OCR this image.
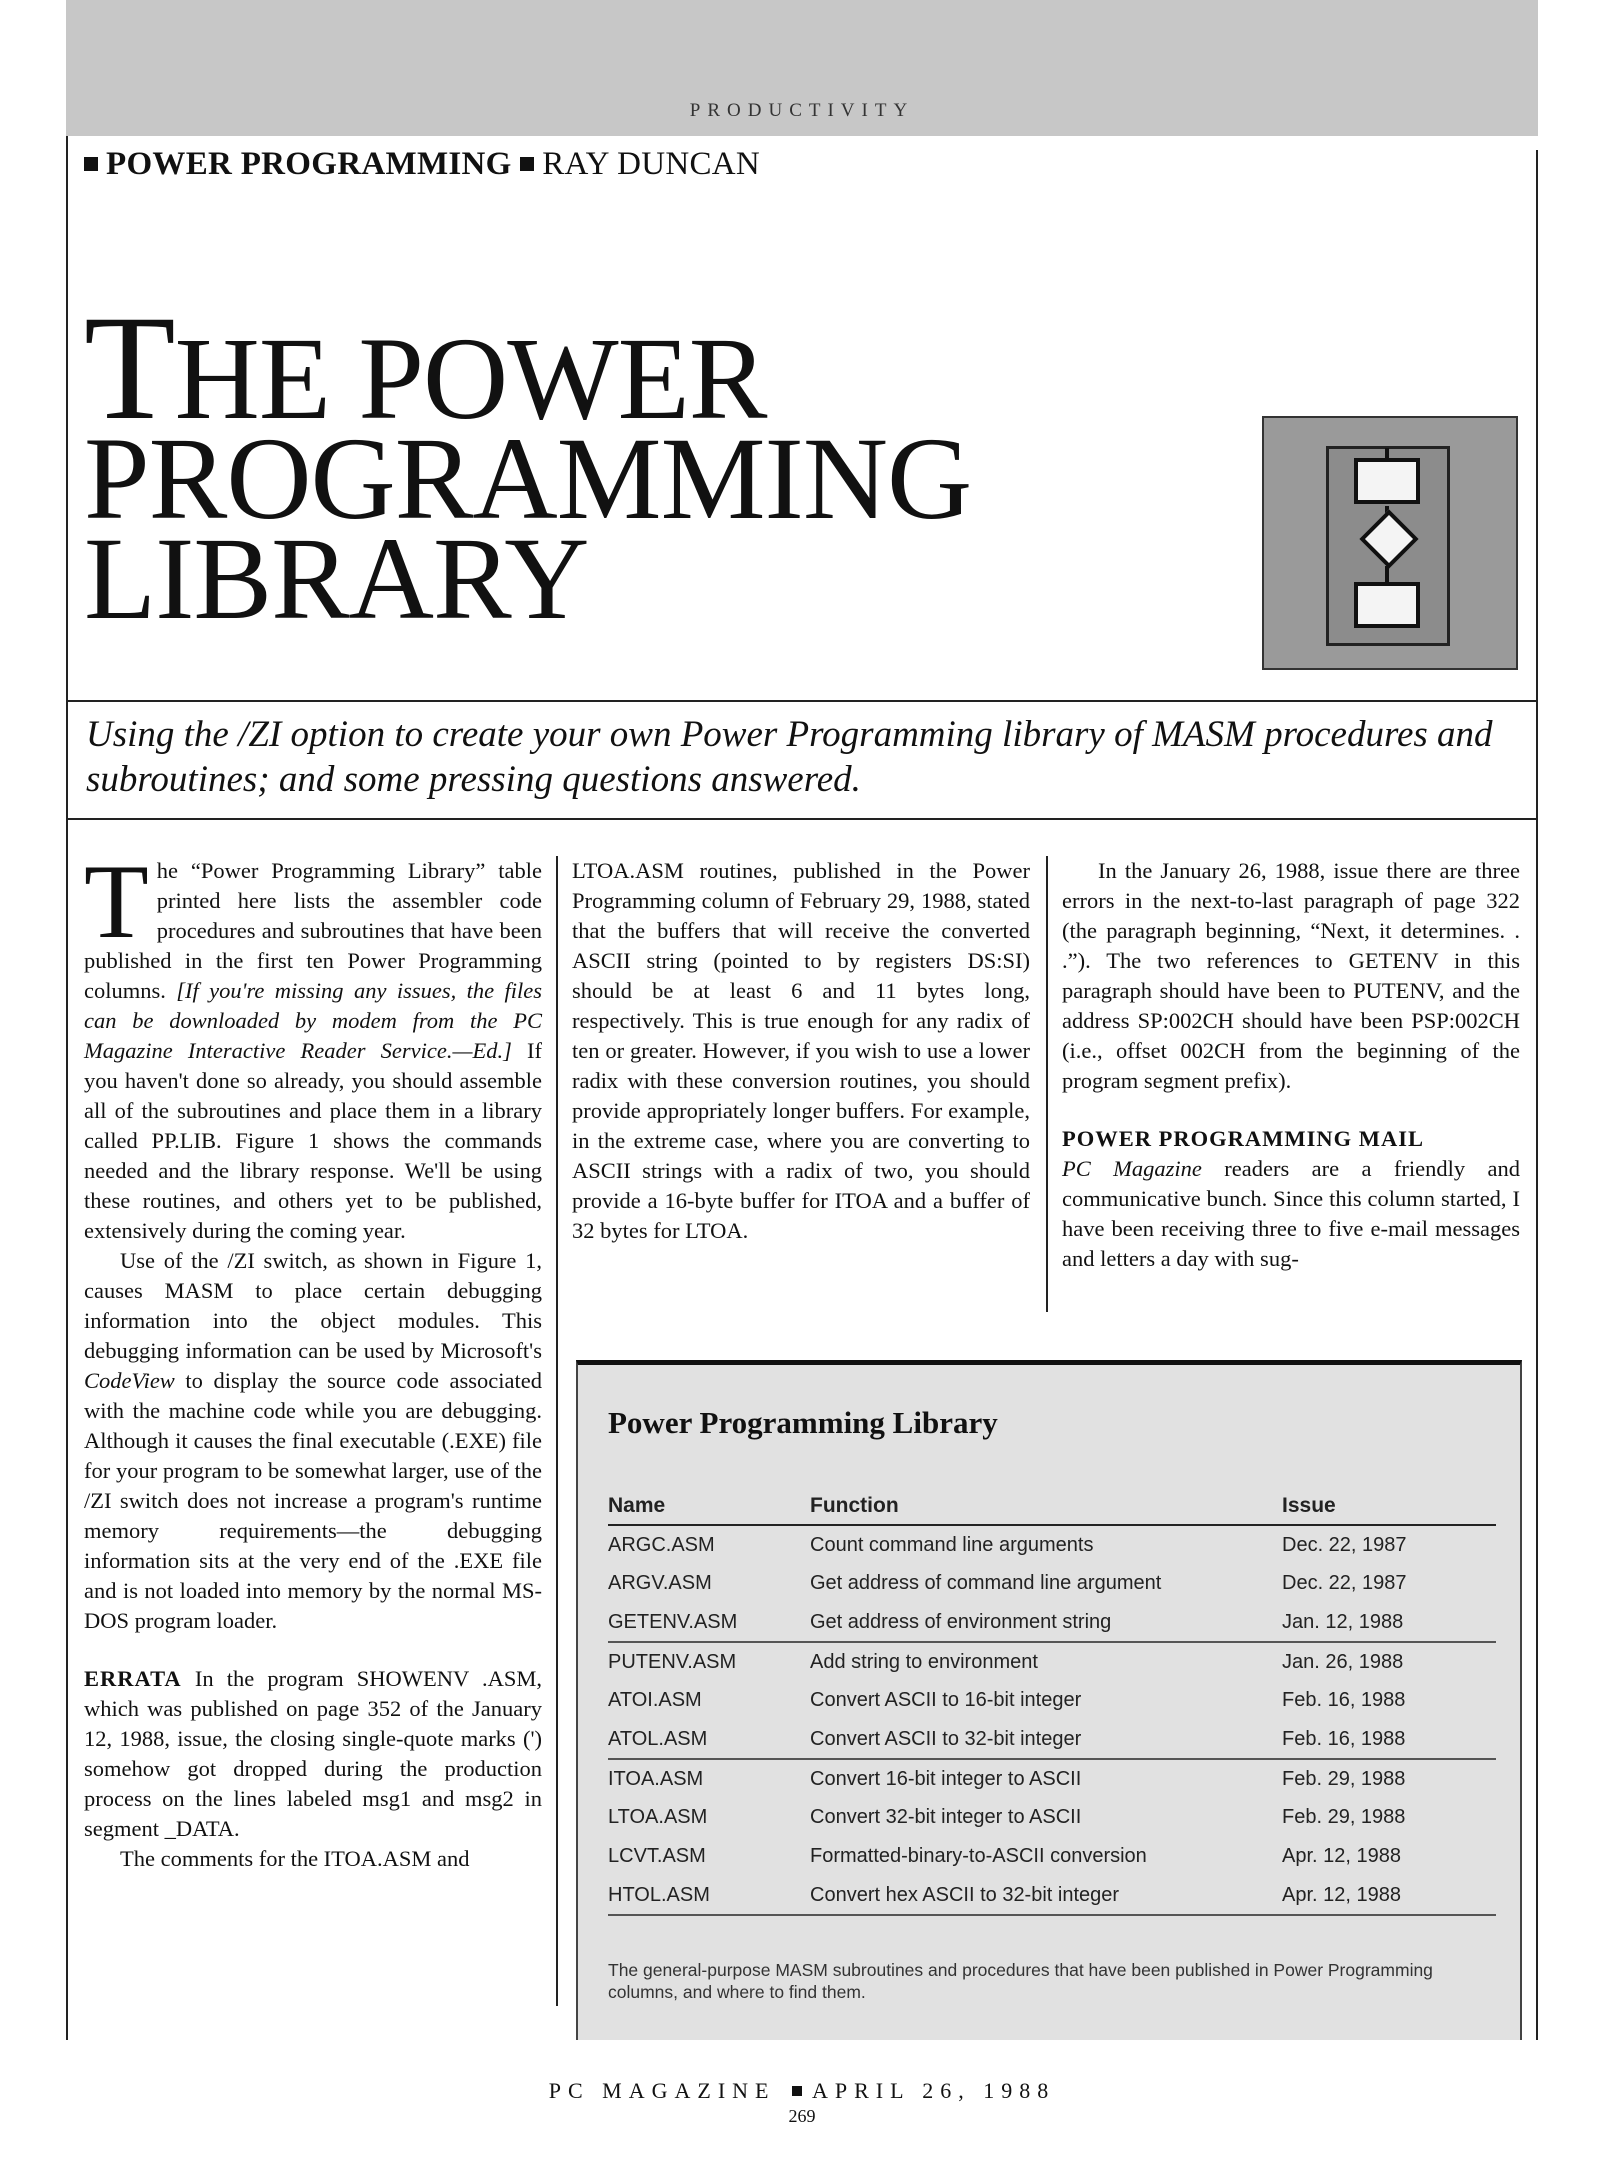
PRODUCTIVITY
POWER PROGRAMMING RAY DUNCAN
THE POWER
PROGRAMMING
LIBRARY

Using the /ZI option to create your own Power Programming library of MASM procedures and subroutines; and some pressing questions answered.

The “Power Programming Library” table printed here lists the assembler code procedures and subroutines that have been published in the first ten Power Programming columns. [If you're missing any issues, the files can be downloaded by modem from the PC Magazine Interactive Reader Service.—Ed.] If you haven't done so already, you should assemble all of the subroutines and place them in a library called PP.LIB. Figure 1 shows the commands needed and the library response. We'll be using these routines, and others yet to be published, extensively during the coming year.

Use of the /ZI switch, as shown in Figure 1, causes MASM to place certain debugging information into the object modules. This debugging information can be used by Microsoft's CodeView to display the source code associated with the machine code while you are debugging. Although it causes the final executable (.EXE) file for your program to be somewhat larger, use of the /ZI switch does not increase a program's runtime memory requirements—the debugging information sits at the very end of the .EXE file and is not loaded into memory by the normal MS-DOS program loader.

ERRATA In the program SHOWENV .ASM, which was published on page 352 of the January 12, 1988, issue, the closing single-quote marks (') somehow got dropped during the production process on the lines labeled msg1 and msg2 in segment _DATA.

The comments for the ITOA.ASM and

LTOA.ASM routines, published in the Power Programming column of February 29, 1988, stated that the buffers that will receive the converted ASCII string (pointed to by registers DS:SI) should be at least 6 and 11 bytes long, respectively. This is true enough for any radix of ten or greater. However, if you wish to use a lower radix with these conversion routines, you should provide appropriately longer buffers. For example, in the extreme case, where you are converting to ASCII strings with a radix of two, you should provide a 16-byte buffer for ITOA and a buffer of 32 bytes for LTOA.

In the January 26, 1988, issue there are three errors in the next-to-last paragraph of page 322 (the paragraph beginning, “Next, it determines. . .”). The two references to GETENV in this paragraph should have been to PUTENV, and the address SP:002CH should have been PSP:002CH (i.e., offset 002CH from the beginning of the program segment prefix).

POWER PROGRAMMING MAIL
PC Magazine readers are a friendly and communicative bunch. Since this column started, I have been receiving three to five e-mail messages and letters a day with sug-

Power Programming Library
Name	Function	Issue
ARGC.ASM	Count command line arguments	Dec. 22, 1987
ARGV.ASM	Get address of command line argument	Dec. 22, 1987
GETENV.ASM	Get address of environment string	Jan. 12, 1988
PUTENV.ASM	Add string to environment	Jan. 26, 1988
ATOI.ASM	Convert ASCII to 16-bit integer	Feb. 16, 1988
ATOL.ASM	Convert ASCII to 32-bit integer	Feb. 16, 1988
ITOA.ASM	Convert 16-bit integer to ASCII	Feb. 29, 1988
LTOA.ASM	Convert 32-bit integer to ASCII	Feb. 29, 1988
LCVT.ASM	Formatted-binary-to-ASCII conversion	Apr. 12, 1988
HTOL.ASM	Convert hex ASCII to 32-bit integer	Apr. 12, 1988
The general-purpose MASM subroutines and procedures that have been published in Power Programming columns, and where to find them.
PC MAGAZINE APRIL 26, 1988
269
